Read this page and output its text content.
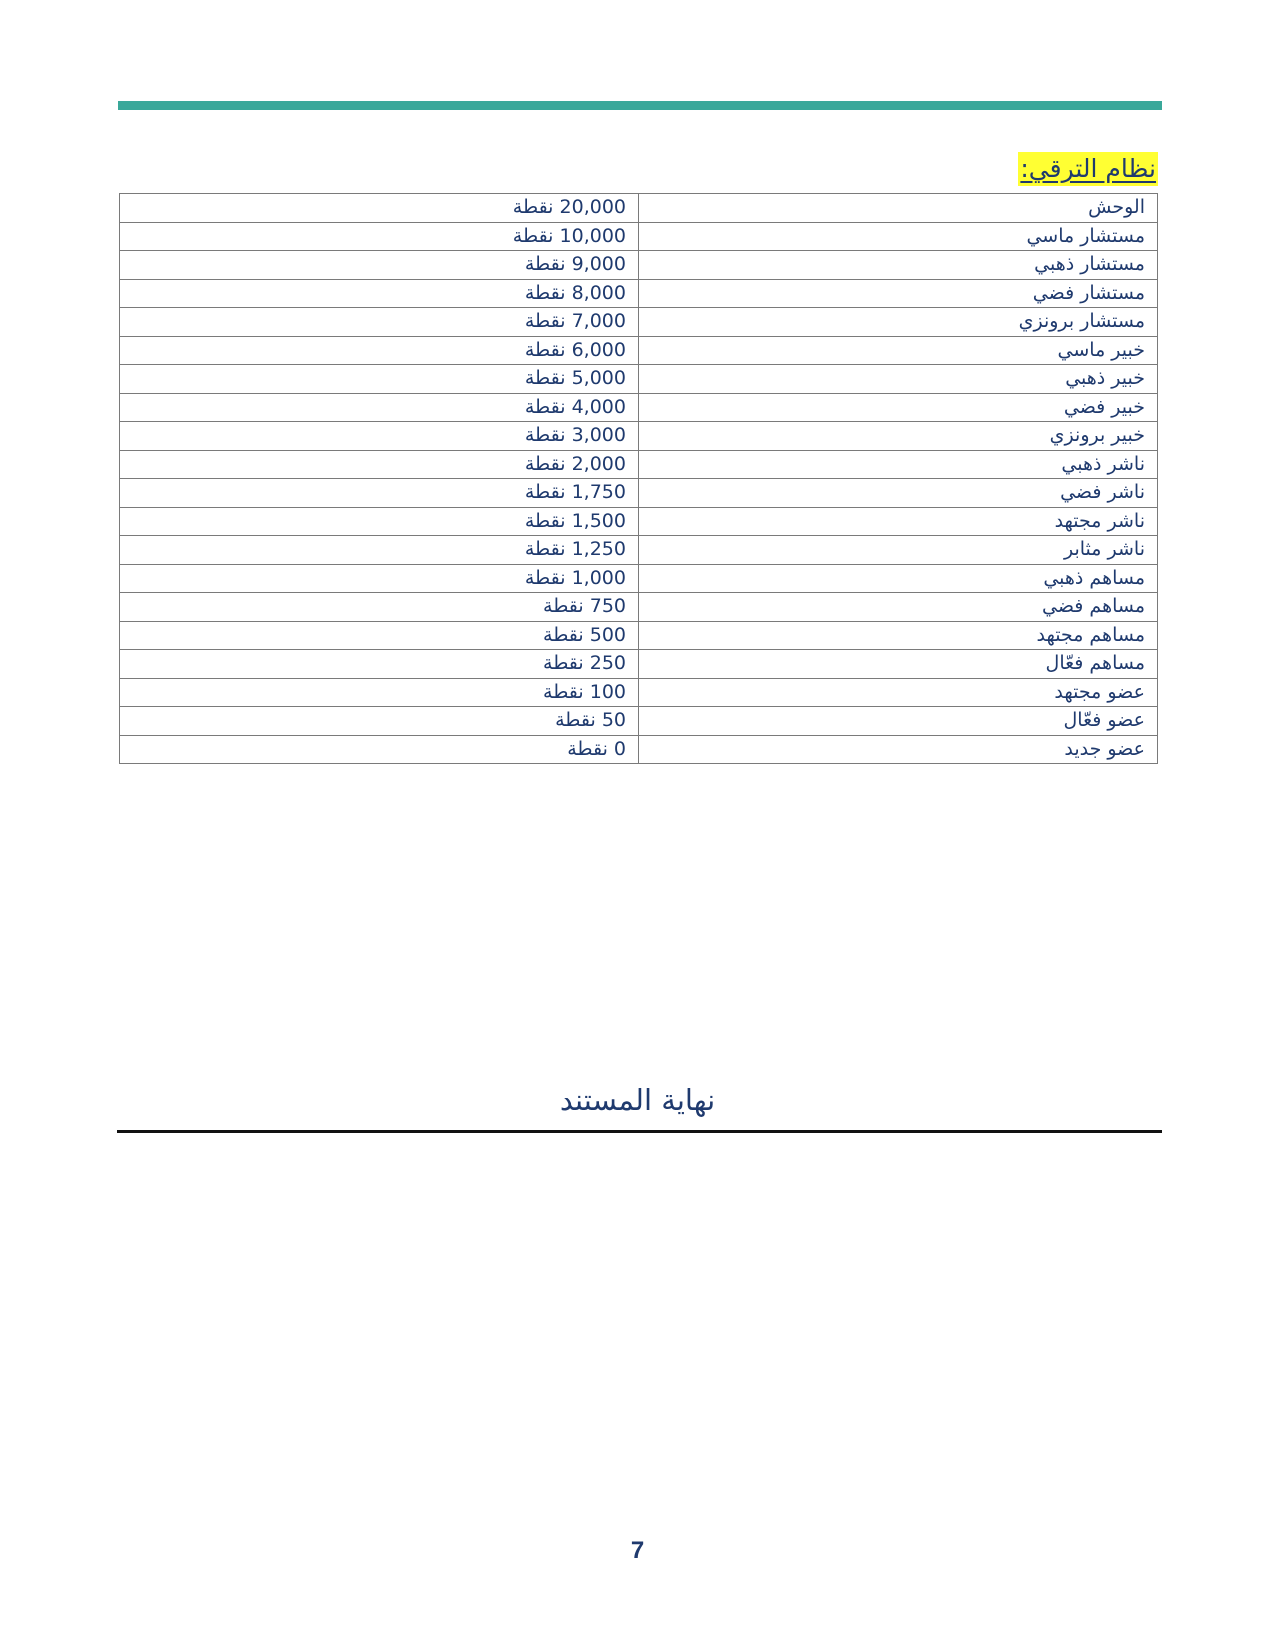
نظام الترقي:
الوحش	20,000 نقطة
مستشار ماسي	10,000 نقطة
مستشار ذهبي	9,000 نقطة
مستشار فضي	8,000 نقطة
مستشار برونزي	7,000 نقطة
خبير ماسي	6,000 نقطة
خبير ذهبي	5,000 نقطة
خبير فضي	4,000 نقطة
خبير برونزي	3,000 نقطة
ناشر ذهبي	2,000 نقطة
ناشر فضي	1,750 نقطة
ناشر مجتهد	1,500 نقطة
ناشر مثابر	1,250 نقطة
مساهم ذهبي	1,000 نقطة
مساهم فضي	750 نقطة
مساهم مجتهد	500 نقطة
مساهم فعّال	250 نقطة
عضو مجتهد	100 نقطة
عضو فعّال	50 نقطة
عضو جديد	0 نقطة
نهاية المستند
7
